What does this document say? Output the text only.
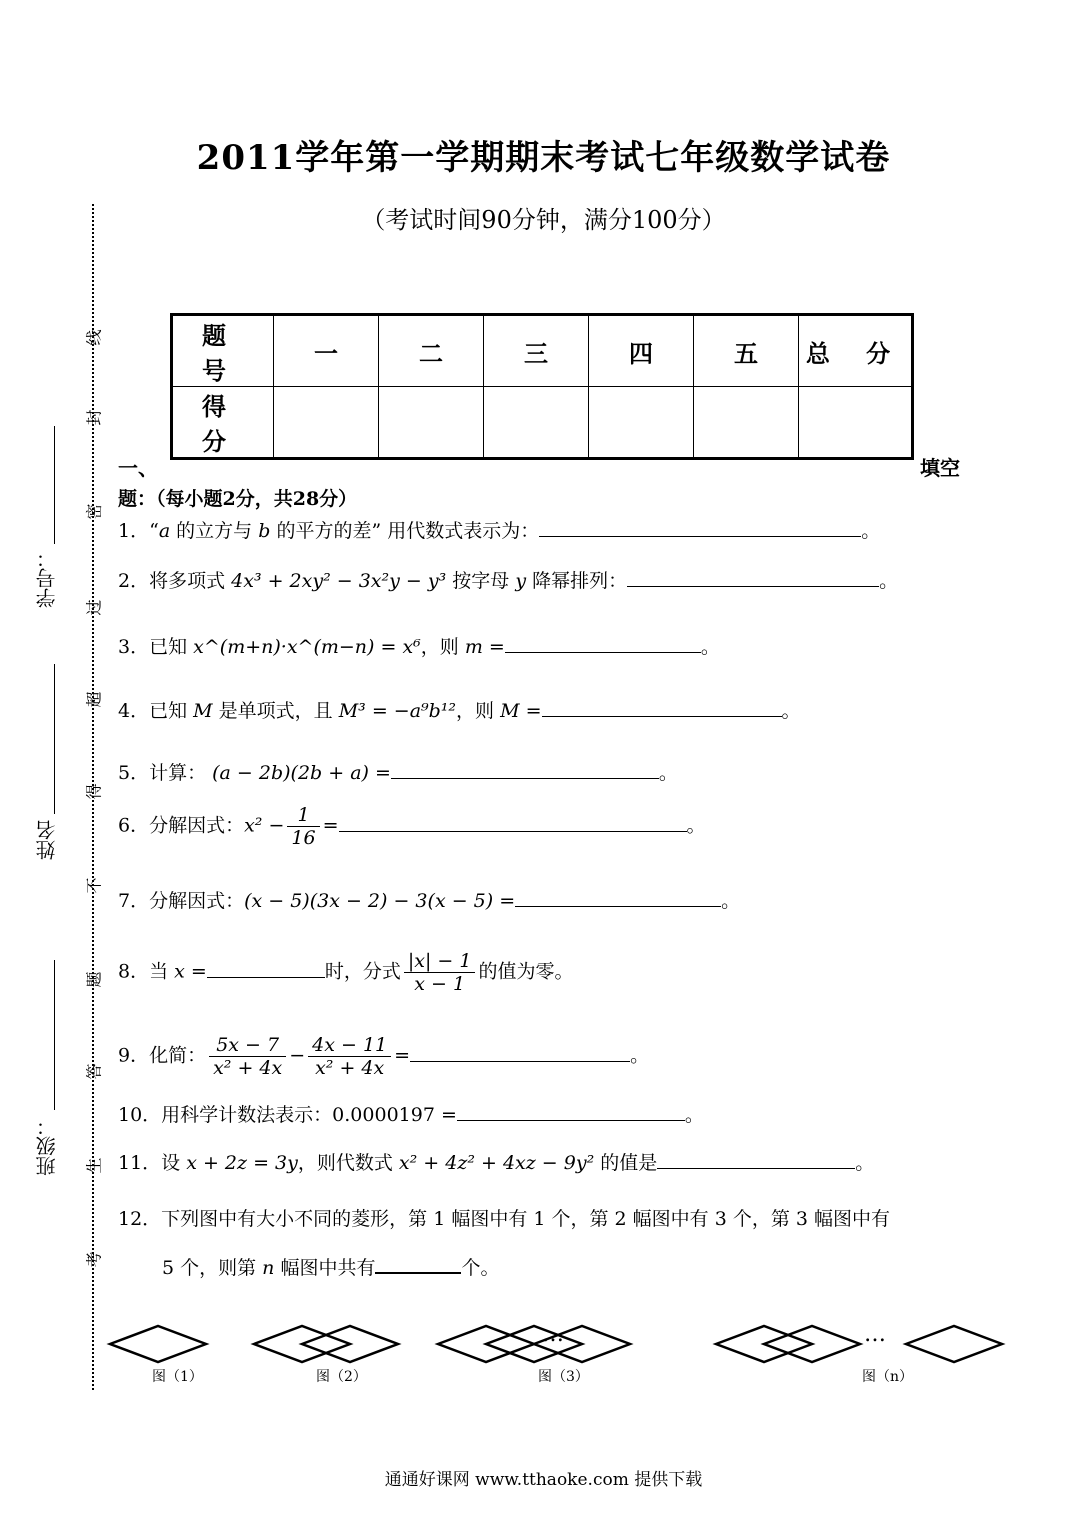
2011学年第一学期期末考试七年级数学试卷
（考试时间90分钟，满分100分）
题 号	一	二	三	四	五	总 分
得 分						
一、	填空
题：（每小题2分，共28分）
1．“a 的立方与 b 的平方的差” 用代数式表示为：	。
2．将多项式 4x³ + 2xy² − 3x²y − y³ 按字母 y 降幂排列：	。
3．已知 x^(m+n)·x^(m−n) = x⁶，则 m =	。
4．已知 M 是单项式，且 M³ = −a⁹b¹²，则 M =	。
5．计算： (a − 2b)(2b + a) =	。
6．分解因式：$x^2 - \frac{1}{16}$ =	。
7．分解因式：(x − 5)(3x − 2) − 3(x − 5) =	。
8．当 x =	时，分式 $\frac{|x| - 1}{x - 1}$ 的值为零。
9．化简： $\frac{5x - 7}{\text{x² + 4x}} - \frac{4x - 11}{\text{x² + 4x}}$ =	。
10．用科学计数法表示：0.0000197 =	。
11．设 x + 2z = 3y，则代数式 x² + 4z² + 4xz − 9y² 的值是	。
12．下列图中有大小不同的菱形，第 1 幅图中有 1 个，第 2 幅图中有 3 个，第 3 幅图中有
5 个，则第 n 幅图中共有	个。
…	…
图（1）	图（2）	图（3）	图（n）
线
封
密
过
超
得
不
题
答
生
考
学号：
姓名
班级：
通通好课网 www.tthaoke.com 提供下载
